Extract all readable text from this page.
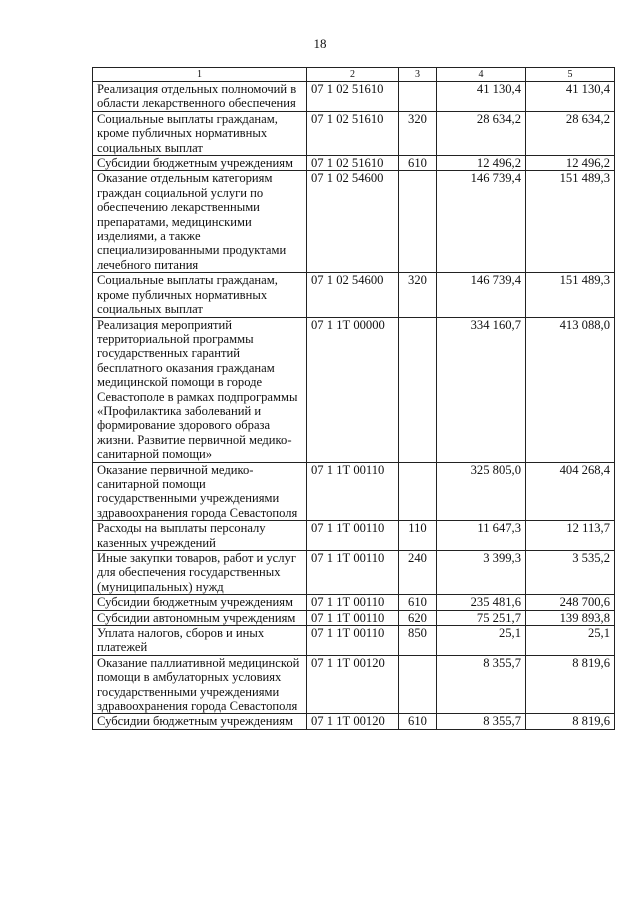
18
1	2	3	4	5
Реализация отдельных полномочий в области лекарственного обеспечения	07 1 02 51610		41 130,4	41 130,4
Социальные выплаты гражданам, кроме публичных нормативных социальных выплат	07 1 02 51610	320	28 634,2	28 634,2
Субсидии бюджетным учреждениям	07 1 02 51610	610	12 496,2	12 496,2
Оказание отдельным категориям граждан социальной услуги по обеспечению лекарственными препаратами, медицинскими изделиями, а также специализированными продуктами лечебного питания	07 1 02 54600		146 739,4	151 489,3
Социальные выплаты гражданам, кроме публичных нормативных социальных выплат	07 1 02 54600	320	146 739,4	151 489,3
Реализация мероприятий территориальной программы государственных гарантий бесплатного оказания гражданам медицинской помощи в городе Севастополе в рамках подпрограммы «Профилактика заболеваний и формирование здорового образа жизни. Развитие первичной медико-санитарной помощи»	07 1 1Т 00000		334 160,7	413 088,0
Оказание первичной медико-санитарной помощи государственными учреждениями здравоохранения города Севастополя	07 1 1Т 00110		325 805,0	404 268,4
Расходы на выплаты персоналу казенных учреждений	07 1 1Т 00110	110	11 647,3	12 113,7
Иные закупки товаров, работ и услуг для обеспечения государственных (муниципальных) нужд	07 1 1Т 00110	240	3 399,3	3 535,2
Субсидии бюджетным учреждениям	07 1 1Т 00110	610	235 481,6	248 700,6
Субсидии автономным учреждениям	07 1 1Т 00110	620	75 251,7	139 893,8
Уплата налогов, сборов и иных платежей	07 1 1Т 00110	850	25,1	25,1
Оказание паллиативной медицинской помощи в амбулаторных условиях государственными учреждениями здравоохранения города Севастополя	07 1 1Т 00120		8 355,7	8 819,6
Субсидии бюджетным учреждениям	07 1 1Т 00120	610	8 355,7	8 819,6
